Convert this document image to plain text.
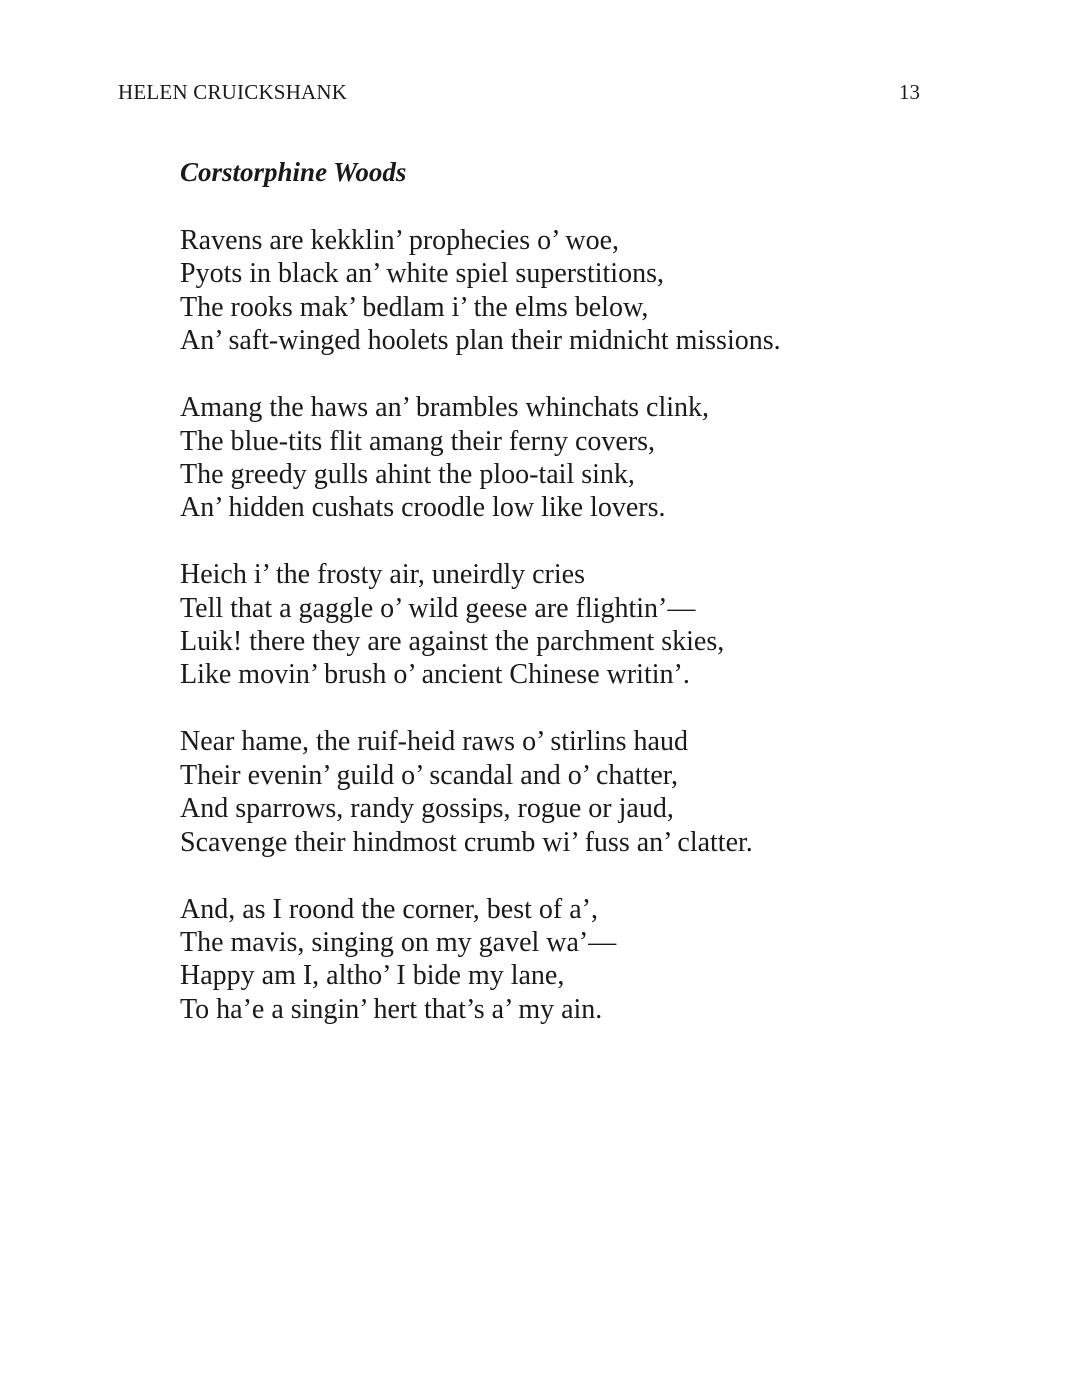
HELEN CRUICKSHANK	13
Corstorphine Woods
Ravens are kekklin’ prophecies o’ woe,
Pyots in black an’ white spiel superstitions,
The rooks mak’ bedlam i’ the elms below,
An’ saft-winged hoolets plan their midnicht missions.
Amang the haws an’ brambles whinchats clink,
The blue-tits flit amang their ferny covers,
The greedy gulls ahint the ploo-tail sink,
An’ hidden cushats croodle low like lovers.
Heich i’ the frosty air, uneirdly cries
Tell that a gaggle o’ wild geese are flightin’—
Luik! there they are against the parchment skies,
Like movin’ brush o’ ancient Chinese writin’.
Near hame, the ruif-heid raws o’ stirlins haud
Their evenin’ guild o’ scandal and o’ chatter,
And sparrows, randy gossips, rogue or jaud,
Scavenge their hindmost crumb wi’ fuss an’ clatter.
And, as I roond the corner, best of a’,
The mavis, singing on my gavel wa’—
Happy am I, altho’ I bide my lane,
To ha’e a singin’ hert that’s a’ my ain.
